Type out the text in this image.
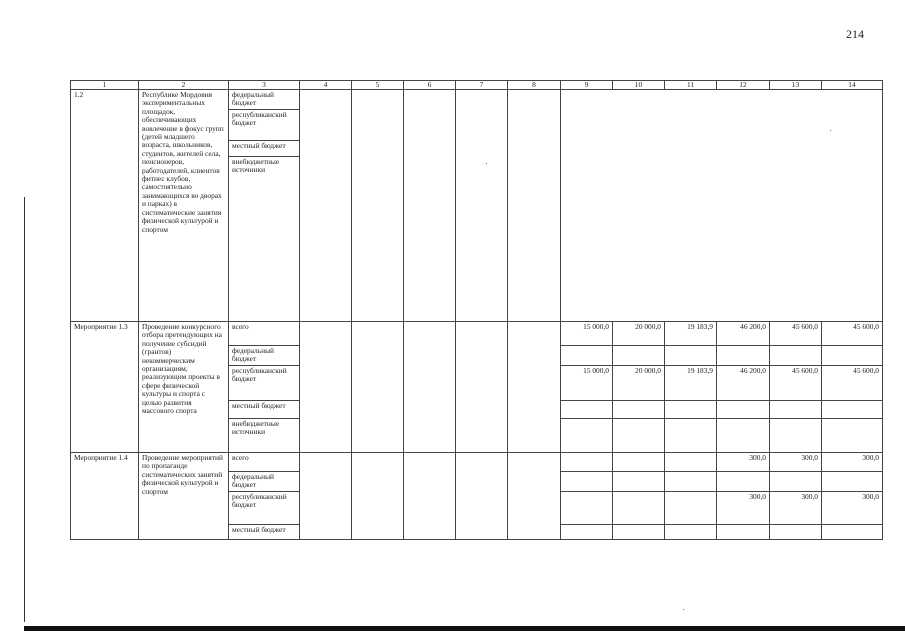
214
1	2	3	4	5	6	7	8	9	10	11	12	13	14
1.2	Республике Мордовия экспериментальных площадок, обеспечивающих вовлечение в фокус групп (детей младшего возраста, школьников, студентов, жителей села, пенсионеров, работодателей, клиентов фитнес клубов, самостоятельно занимающихся во дворах и парках) в систематические занятия физической культурой и спортом	федеральный бюджет											
		республиканский бюджет											
		местный бюджет											
		внебюджетные источники											
Мероприятие 1.3	Проведение конкурсного отбора претендующих на получение субсидий (грантов) некоммерческим организациям, реализующим проекты в сфере физической культуры и спорта с целью развития массового спорта	всего						15 000,0	20 000,0	19 183,9	46 200,0	45 600,0	45 600,0
		федеральный бюджет											
		республиканский бюджет						15 000,0	20 000,0	19 183,9	46 200,0	45 600,0	45 600,0
		местный бюджет											
		внебюджетные источники											
Мероприятие 1.4	Проведение мероприятий по пропаганде систематических занятий физической культурой и спортом	всего									300,0	300,0	300,0
		федеральный бюджет											
		республиканский бюджет									300,0	300,0	300,0
		местный бюджет											
